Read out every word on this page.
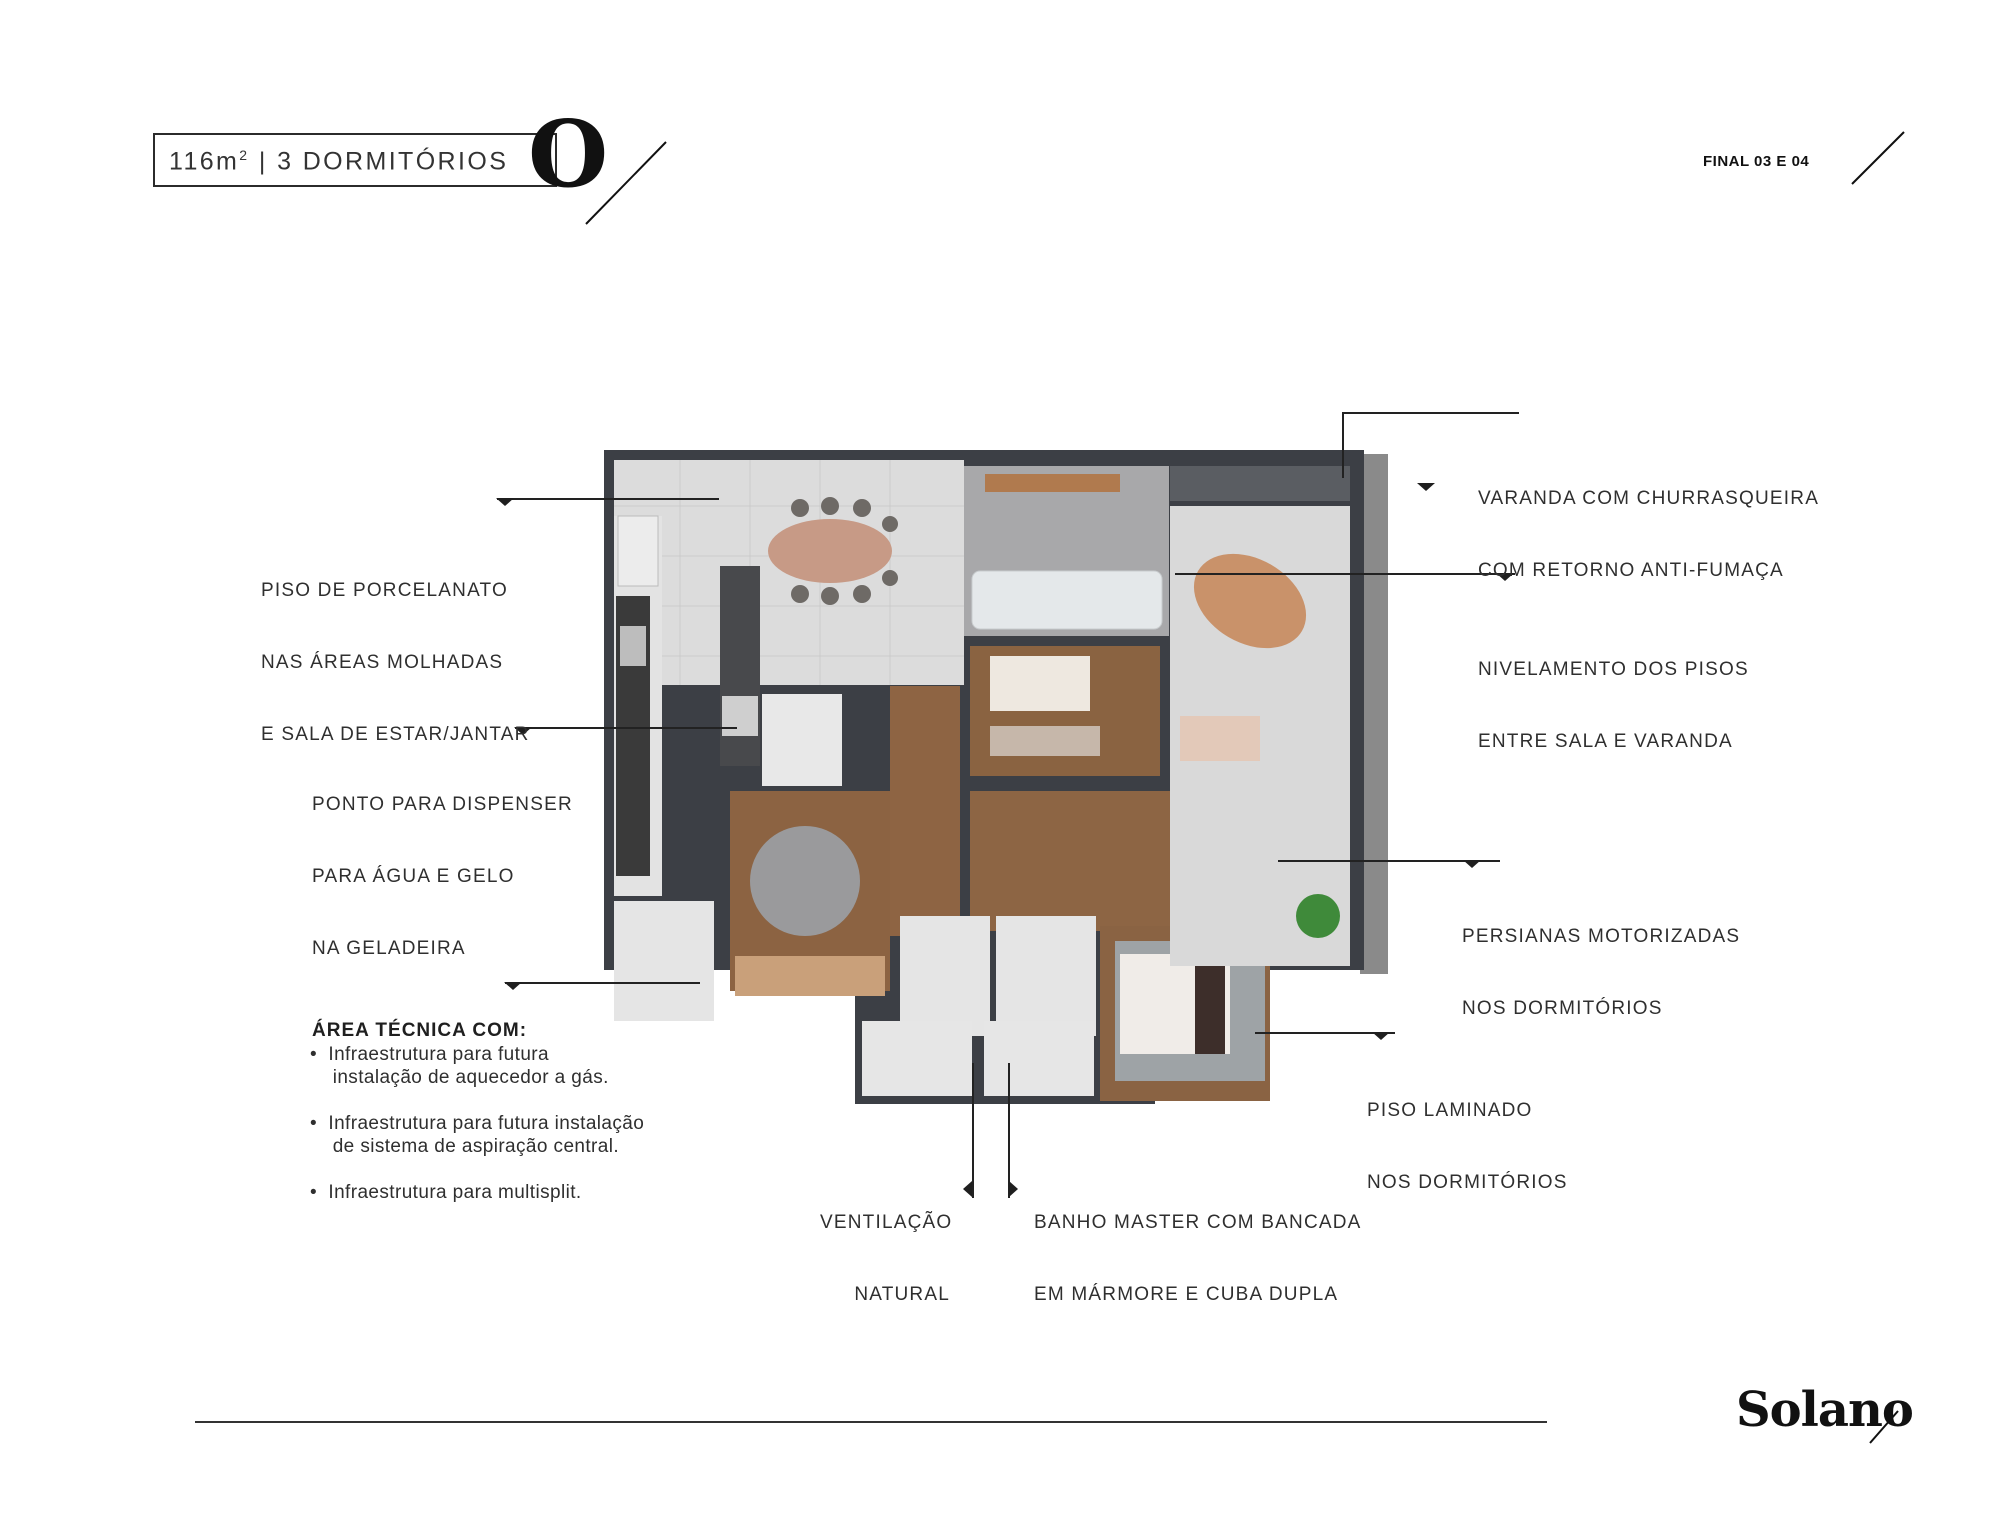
$116m^2$ | 3 DORMITÓRIOS O	FINAL 03 E 04

PISO DE PORCELANATO

NAS ÁREAS MOLHADAS

E SALA DE ESTAR/JANTAR

PONTO PARA DISPENSER

PARA ÁGUA E GELO

NA GELADEIRA

VARANDA COM CHURRASQUEIRA

COM RETORNO ANTI-FUMAÇA

NIVELAMENTO DOS PISOS

ENTRE SALA E VARANDA

PERSIANAS MOTORIZADAS

NOS DORMITÓRIOS

PISO LAMINADO

NOS DORMITÓRIOS

VENTILAÇÃO

NATURAL

BANHO MASTER COM BANCADA

EM MÁRMORE E CUBA DUPLA

ÁREA TÉCNICA COM:
•  Infraestrutura para futura
instalação de aquecedor a gás.
•  Infraestrutura para futura instalação
de sistema de aspiração central.
•  Infraestrutura para multisplit.
Solano
